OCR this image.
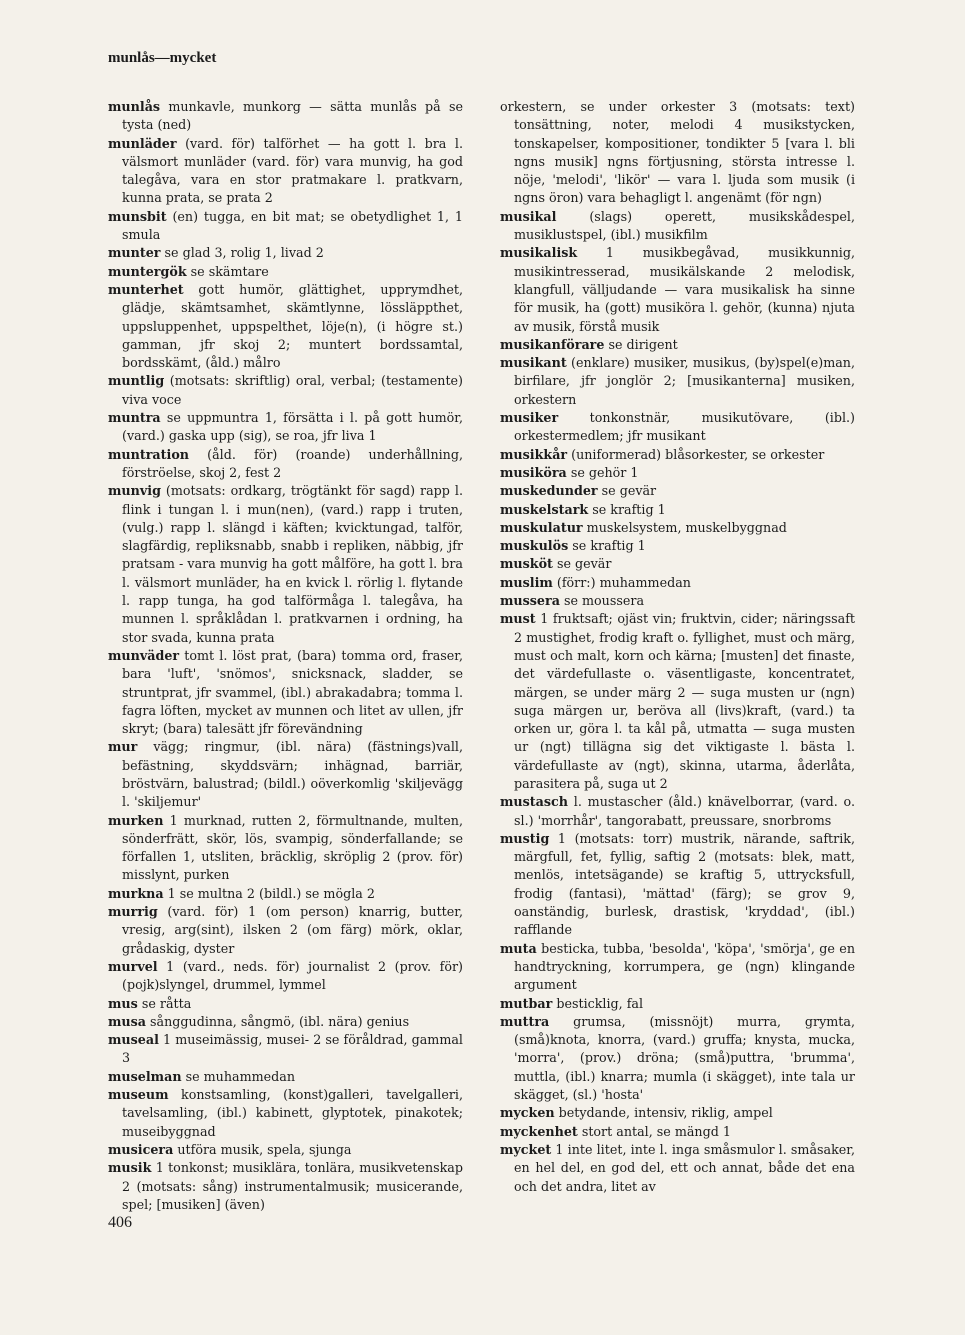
munlås—mycket

munlås munkavle, munkorg — sätta munlås på se tysta (ned)

munläder (vard. för) talförhet — ha gott l. bra l. välsmort munläder (vard. för) vara munvig, ha god talegåva, vara en stor pratmakare l. pratkvarn, kunna prata, se prata 2

munsbit (en) tugga, en bit mat; se obetydlighet 1, 1 smula

munter se glad 3, rolig 1, livad 2

muntergök se skämtare

munterhet gott humör, glättighet, upprymdhet, glädje, skämtsamhet, skämtlynne, lössläppthet, uppsluppenhet, uppspelthet, löje(n), (i högre st.) gamman, jfr skoj 2; muntert bordssamtal, bordsskämt, (åld.) målro

muntlig (motsats: skriftlig) oral, verbal; (testamente) viva voce

muntra se uppmuntra 1, försätta i l. på gott humör, (vard.) gaska upp (sig), se roa, jfr liva 1

muntration (åld. för) (roande) underhållning, förströelse, skoj 2, fest 2

munvig (motsats: ordkarg, trögtänkt för sagd) rapp l. flink i tungan l. i mun(nen), (vard.) rapp i truten, (vulg.) rapp l. slängd i käften; kvicktungad, talför, slagfärdig, repliksnabb, snabb i repliken, näbbig, jfr pratsam - vara munvig ha gott målföre, ha gott l. bra l. välsmort munläder, ha en kvick l. rörlig l. flytande l. rapp tunga, ha god talförmåga l. talegåva, ha munnen l. språklådan l. pratkvarnen i ordning, ha stor svada, kunna prata

munväder tomt l. löst prat, (bara) tomma ord, fraser, bara 'luft', 'snömos', snicksnack, sladder, se struntprat, jfr svammel, (ibl.) abrakadabra; tomma l. fagra löften, mycket av munnen och litet av ullen, jfr skryt; (bara) talesätt jfr förevändning

mur vägg; ringmur, (ibl. nära) (fästnings)vall, befästning, skyddsvärn; inhägnad, barriär, bröstvärn, balustrad; (bildl.) oöverkomlig 'skiljevägg l. 'skiljemur'

murken 1 murknad, rutten 2, förmultnande, multen, sönderfrätt, skör, lös, svampig, sönderfallande; se förfallen 1, utsliten, bräcklig, skröplig 2 (prov. för) misslynt, purken

murkna 1 se multna 2 (bildl.) se mögla 2

murrig (vard. för) 1 (om person) knarrig, butter, vresig, arg(sint), ilsken 2 (om färg) mörk, oklar, grådaskig, dyster

murvel 1 (vard., neds. för) journalist 2 (prov. för) (pojk)slyngel, drummel, lymmel

mus se råtta

musa sånggudinna, sångmö, (ibl. nära) genius

museal 1 museimässig, musei- 2 se föråldrad, gammal 3

muselman se muhammedan

museum konstsamling, (konst)galleri, tavelgalleri, tavelsamling, (ibl.) kabinett, glyptotek, pinakotek; museibyggnad

musicera utföra musik, spela, sjunga

musik 1 tonkonst; musiklära, tonlära, musikvetenskap 2 (motsats: sång) instrumentalmusik; musicerande, spel; [musiken] (även)

orkestern, se under orkester 3 (motsats: text) tonsättning, noter, melodi 4 musikstycken, tonskapelser, kompositioner, tondikter 5 [vara l. bli ngns musik] ngns förtjusning, största intresse l. nöje, 'melodi', 'likör' — vara l. ljuda som musik (i ngns öron) vara behagligt l. angenämt (för ngn)

musikal (slags) operett, musikskådespel, musiklustspel, (ibl.) musikfilm

musikalisk 1 musikbegåvad, musikkunnig, musikintresserad, musikälskande 2 melodisk, klangfull, välljudande — vara musikalisk ha sinne för musik, ha (gott) musiköra l. gehör, (kunna) njuta av musik, förstå musik

musikanförare se dirigent

musikant (enklare) musiker, musikus, (by)spel(e)man, birfilare, jfr jonglör 2; [musikanterna] musiken, orkestern

musiker tonkonstnär, musikutövare, (ibl.) orkestermedlem; jfr musikant

musikkår (uniformerad) blåsorkester, se orkester

musiköra se gehör 1

muskedunder se gevär

muskelstark se kraftig 1

muskulatur muskelsystem, muskelbyggnad

muskulös se kraftig 1

musköt se gevär

muslim (förr:) muhammedan

mussera se moussera

must 1 fruktsaft; ojäst vin; fruktvin, cider; näringssaft 2 mustighet, frodig kraft o. fyllighet, must och märg, must och malt, korn och kärna; [musten] det finaste, det värdefullaste o. väsentligaste, koncentratet, märgen, se under märg 2 — suga musten ur (ngn) suga märgen ur, beröva all (livs)kraft, (vard.) ta orken ur, göra l. ta kål på, utmatta — suga musten ur (ngt) tillägna sig det viktigaste l. bästa l. värdefullaste av (ngt), skinna, utarma, åderlåta, parasitera på, suga ut 2

mustasch l. mustascher (åld.) knävelborrar, (vard. o. sl.) 'morrhår', tangorabatt, preussare, snorbroms

mustig 1 (motsats: torr) mustrik, närande, saftrik, märgfull, fet, fyllig, saftig 2 (motsats: blek, matt, menlös, intetsägande) se kraftig 5, uttrycksfull, frodig (fantasi), 'mättad' (färg); se grov 9, oanständig, burlesk, drastisk, 'kryddad', (ibl.) rafflande

muta besticka, tubba, 'besolda', 'köpa', 'smörja', ge en handtryckning, korrumpera, ge (ngn) klingande argument

mutbar besticklig, fal

muttra grumsa, (missnöjt) murra, grymta, (små)knota, knorra, (vard.) gruffa; knysta, mucka, 'morra', (prov.) dröna; (små)puttra, 'brumma', muttla, (ibl.) knarra; mumla (i skägget), inte tala ur skägget, (sl.) 'hosta'

mycken betydande, intensiv, riklig, ampel

myckenhet stort antal, se mängd 1

mycket 1 inte litet, inte l. inga småsmulor l. småsaker, en hel del, en god del, ett och annat, både det ena och det andra, litet av

406
